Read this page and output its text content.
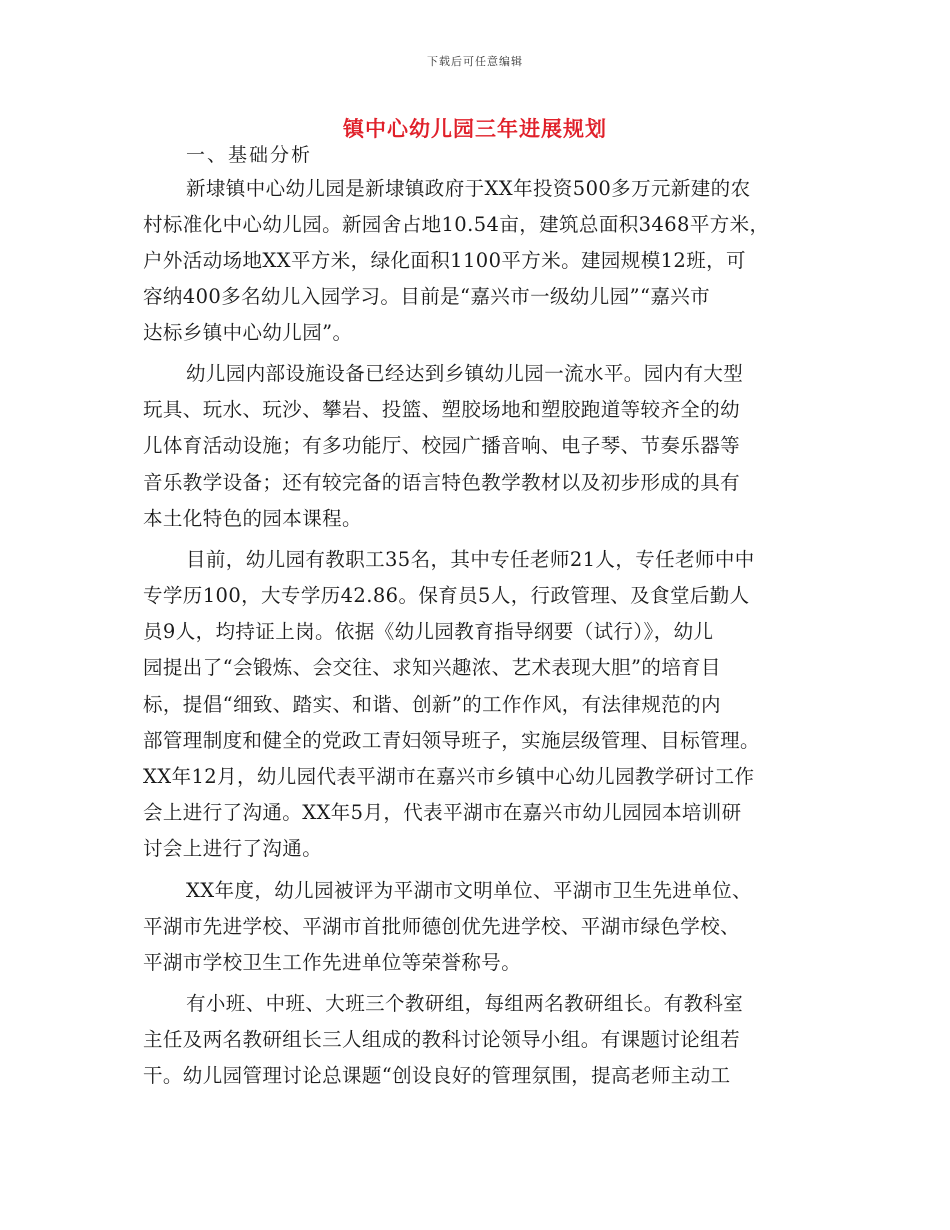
下载后可任意编辑
镇中心幼儿园三年进展规划
一、基础分析
新埭镇中心幼儿园是新埭镇政府于XX年投资500多万元新建的农
村标准化中心幼儿园。新园舍占地10.54亩，建筑总面积3468平方米，
户外活动场地XX平方米，绿化面积1100平方米。建园规模12班，可
容纳400多名幼儿入园学习。目前是“嘉兴市一级幼儿园”“嘉兴市
达标乡镇中心幼儿园”。
幼儿园内部设施设备已经达到乡镇幼儿园一流水平。园内有大型
玩具、玩水、玩沙、攀岩、投篮、塑胶场地和塑胶跑道等较齐全的幼
儿体育活动设施；有多功能厅、校园广播音响、电子琴、节奏乐器等
音乐教学设备；还有较完备的语言特色教学教材以及初步形成的具有
本土化特色的园本课程。
目前，幼儿园有教职工35名，其中专任老师21人，专任老师中中
专学历100，大专学历42.86。保育员5人，行政管理、及食堂后勤人
员9人，均持证上岗。依据《幼儿园教育指导纲要（试行）》，幼儿
园提出了“会锻炼、会交往、求知兴趣浓、艺术表现大胆”的培育目
标，提倡“细致、踏实、和谐、创新”的工作作风，有法律规范的内
部管理制度和健全的党政工青妇领导班子，实施层级管理、目标管理。
XX年12月，幼儿园代表平湖市在嘉兴市乡镇中心幼儿园教学研讨工作
会上进行了沟通。XX年5月，代表平湖市在嘉兴市幼儿园园本培训研
讨会上进行了沟通。
XX年度，幼儿园被评为平湖市文明单位、平湖市卫生先进单位、
平湖市先进学校、平湖市首批师德创优先进学校、平湖市绿色学校、
平湖市学校卫生工作先进单位等荣誉称号。
有小班、中班、大班三个教研组，每组两名教研组长。有教科室
主任及两名教研组长三人组成的教科讨论领导小组。有课题讨论组若
干。幼儿园管理讨论总课题“创设良好的管理氛围，提高老师主动工
